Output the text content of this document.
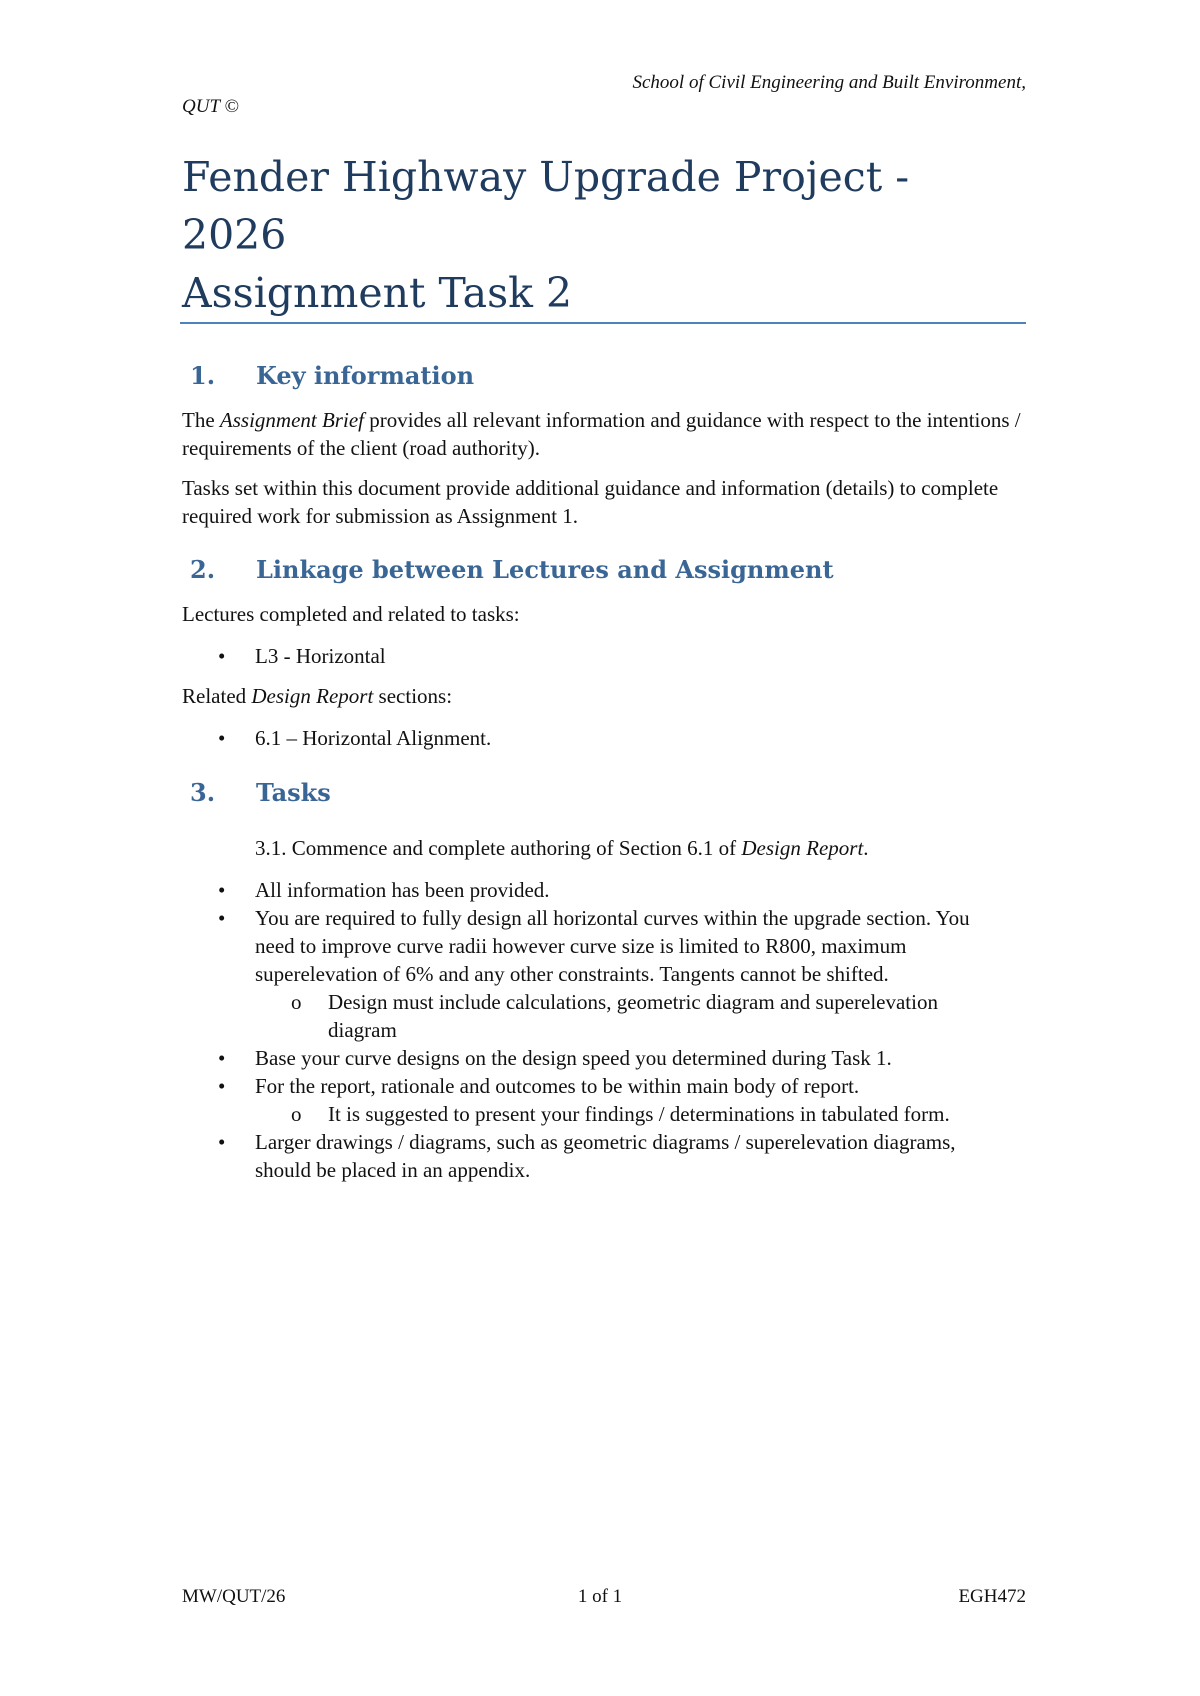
School of Civil Engineering and Built Environment,
QUT ©
Fender Highway Upgrade Project -
2026
Assignment Task 2
1.	Key information

The Assignment Brief provides all relevant information and guidance with respect to the intentions / requirements of the client (road authority).

Tasks set within this document provide additional guidance and information (details) to complete required work for submission as Assignment 1.

2.	Linkage between Lectures and Assignment

Lectures completed and related to tasks:

• L3 - Horizontal

Related Design Report sections:

• 6.1 – Horizontal Alignment.
3.	Tasks

3.1. Commence and complete authoring of Section 6.1 of Design Report.

• All information has been provided.
• You are required to fully design all horizontal curves within the upgrade section. You need to improve curve radii however curve size is limited to R800, maximum superelevation of 6% and any other constraints. Tangents cannot be shifted.
o Design must include calculations, geometric diagram and superelevation diagram
• Base your curve designs on the design speed you determined during Task 1.
• For the report, rationale and outcomes to be within main body of report.
o It is suggested to present your findings / determinations in tabulated form.
• Larger drawings / diagrams, such as geometric diagrams / superelevation diagrams, should be placed in an appendix.
MW/QUT/26	1 of 1	EGH472
